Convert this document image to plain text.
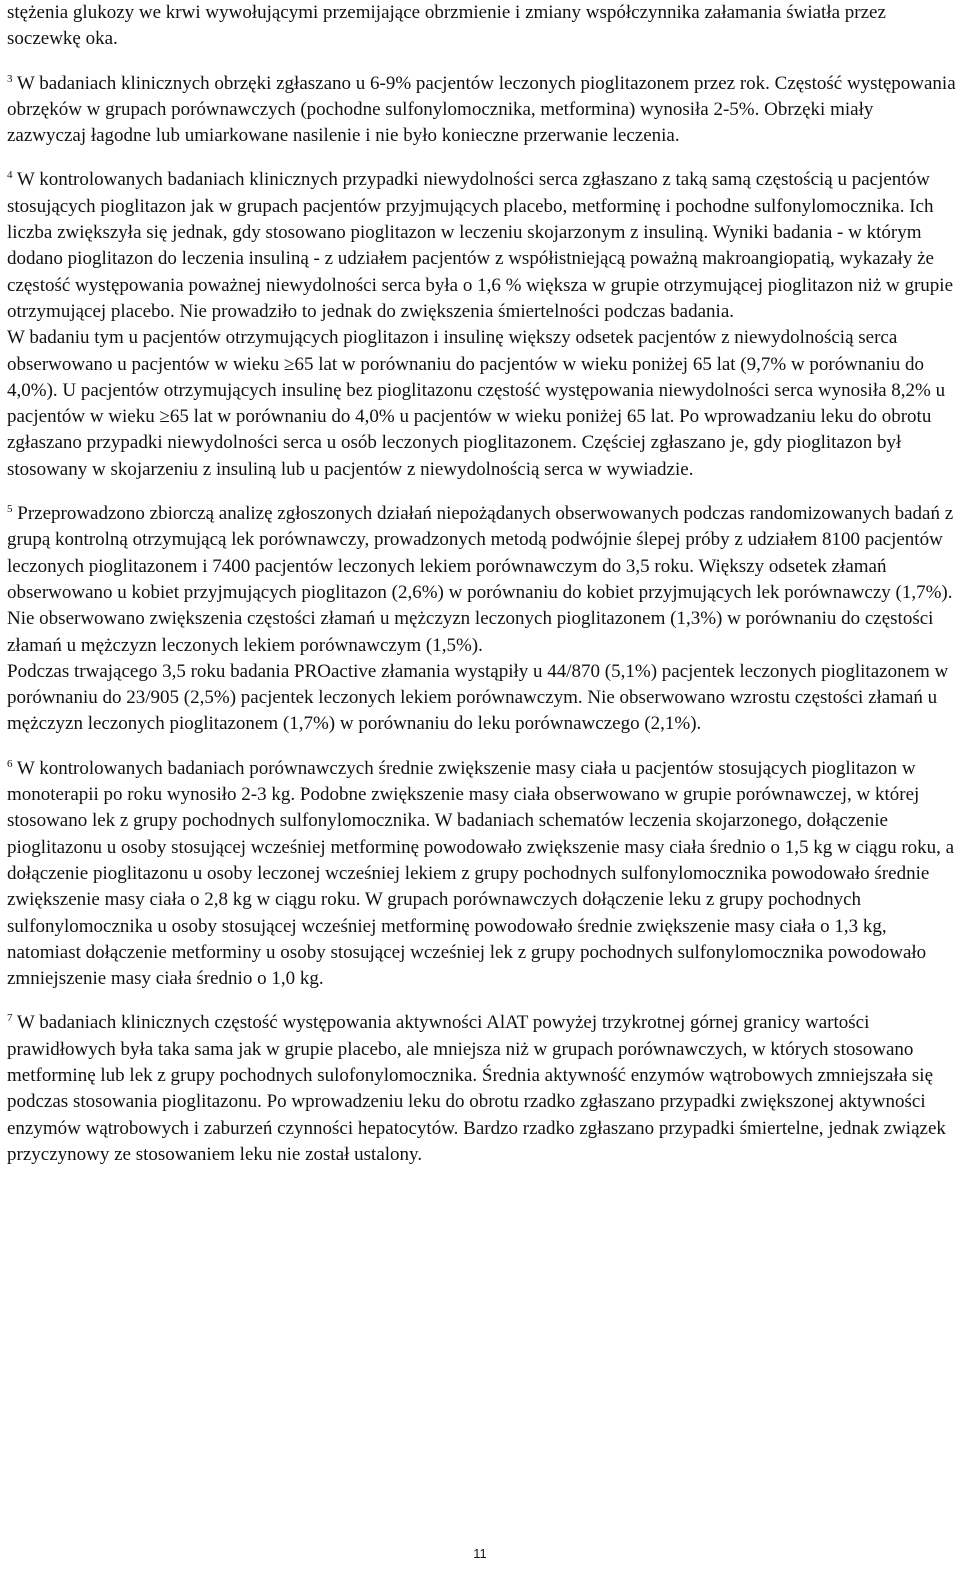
stężenia glukozy we krwi wywołującymi przemijające obrzmienie i zmiany współczynnika załamania światła przez soczewkę oka.

$^3$ W badaniach klinicznych obrzęki zgłaszano u 6-9% pacjentów leczonych pioglitazonem przez rok. Częstość występowania obrzęków w grupach porównawczych (pochodne sulfonylomocznika, metformina) wynosiła 2-5%. Obrzęki miały zazwyczaj łagodne lub umiarkowane nasilenie i nie było konieczne przerwanie leczenia.

$^4$ W kontrolowanych badaniach klinicznych przypadki niewydolności serca zgłaszano z taką samą częstością u pacjentów stosujących pioglitazon jak w grupach pacjentów przyjmujących placebo, metforminę i pochodne sulfonylomocznika. Ich liczba zwiększyła się jednak, gdy stosowano pioglitazon w leczeniu skojarzonym z insuliną. Wyniki badania - w którym dodano pioglitazon do leczenia insuliną - z udziałem pacjentów z współistniejącą poważną makroangiopatią, wykazały że częstość występowania poważnej niewydolności serca była o 1,6 % większa w grupie otrzymującej pioglitazon niż w grupie otrzymującej placebo. Nie prowadziło to jednak do zwiększenia śmiertelności podczas badania.

W badaniu tym u pacjentów otrzymujących pioglitazon i insulinę większy odsetek pacjentów z niewydolnością serca obserwowano u pacjentów w wieku ≥65 lat w porównaniu do pacjentów w wieku poniżej 65 lat (9,7% w porównaniu do 4,0%). U pacjentów otrzymujących insulinę bez pioglitazonu częstość występowania niewydolności serca wynosiła 8,2% u pacjentów w wieku ≥65 lat w porównaniu do 4,0% u pacjentów w wieku poniżej 65 lat. Po wprowadzaniu leku do obrotu zgłaszano przypadki niewydolności serca u osób leczonych pioglitazonem. Częściej zgłaszano je, gdy pioglitazon był stosowany w skojarzeniu z insuliną lub u pacjentów z niewydolnością serca w wywiadzie.

$^5$ Przeprowadzono zbiorczą analizę zgłoszonych działań niepożądanych obserwowanych podczas randomizowanych badań z grupą kontrolną otrzymującą lek porównawczy, prowadzonych metodą podwójnie ślepej próby z udziałem 8100 pacjentów leczonych pioglitazonem i 7400 pacjentów leczonych lekiem porównawczym do 3,5 roku. Większy odsetek złamań obserwowano u kobiet przyjmujących pioglitazon (2,6%) w porównaniu do kobiet przyjmujących lek porównawczy (1,7%). Nie obserwowano zwiększenia częstości złamań u mężczyzn leczonych pioglitazonem (1,3%) w porównaniu do częstości złamań u mężczyzn leczonych lekiem porównawczym (1,5%).

Podczas trwającego 3,5 roku badania PROactive złamania wystąpiły u 44/870 (5,1%) pacjentek leczonych pioglitazonem w porównaniu do 23/905 (2,5%) pacjentek leczonych lekiem porównawczym. Nie obserwowano wzrostu częstości złamań u mężczyzn leczonych pioglitazonem (1,7%) w porównaniu do leku porównawczego (2,1%).

$^6$ W kontrolowanych badaniach porównawczych średnie zwiększenie masy ciała u pacjentów stosujących pioglitazon w monoterapii po roku wynosiło 2-3 kg. Podobne zwiększenie masy ciała obserwowano w grupie porównawczej, w której stosowano lek z grupy pochodnych sulfonylomocznika. W badaniach schematów leczenia skojarzonego, dołączenie pioglitazonu u osoby stosującej wcześniej metforminę powodowało zwiększenie masy ciała średnio o 1,5 kg w ciągu roku, a dołączenie pioglitazonu u osoby leczonej wcześniej lekiem z grupy pochodnych sulfonylomocznika powodowało średnie zwiększenie masy ciała o 2,8 kg w ciągu roku. W grupach porównawczych dołączenie leku z grupy pochodnych sulfonylomocznika u osoby stosującej wcześniej metforminę powodowało średnie zwiększenie masy ciała o 1,3 kg, natomiast dołączenie metforminy u osoby stosującej wcześniej lek z grupy pochodnych sulfonylomocznika powodowało zmniejszenie masy ciała średnio o 1,0 kg.

$^7$ W badaniach klinicznych częstość występowania aktywności AlAT powyżej trzykrotnej górnej granicy wartości prawidłowych była taka sama jak w grupie placebo, ale mniejsza niż w grupach porównawczych, w których stosowano metforminę lub lek z grupy pochodnych sulofonylomocznika. Średnia aktywność enzymów wątrobowych zmniejszała się podczas stosowania pioglitazonu. Po wprowadzeniu leku do obrotu rzadko zgłaszano przypadki zwiększonej aktywności enzymów wątrobowych i zaburzeń czynności hepatocytów. Bardzo rzadko zgłaszano przypadki śmiertelne, jednak związek przyczynowy ze stosowaniem leku nie został ustalony.

11
